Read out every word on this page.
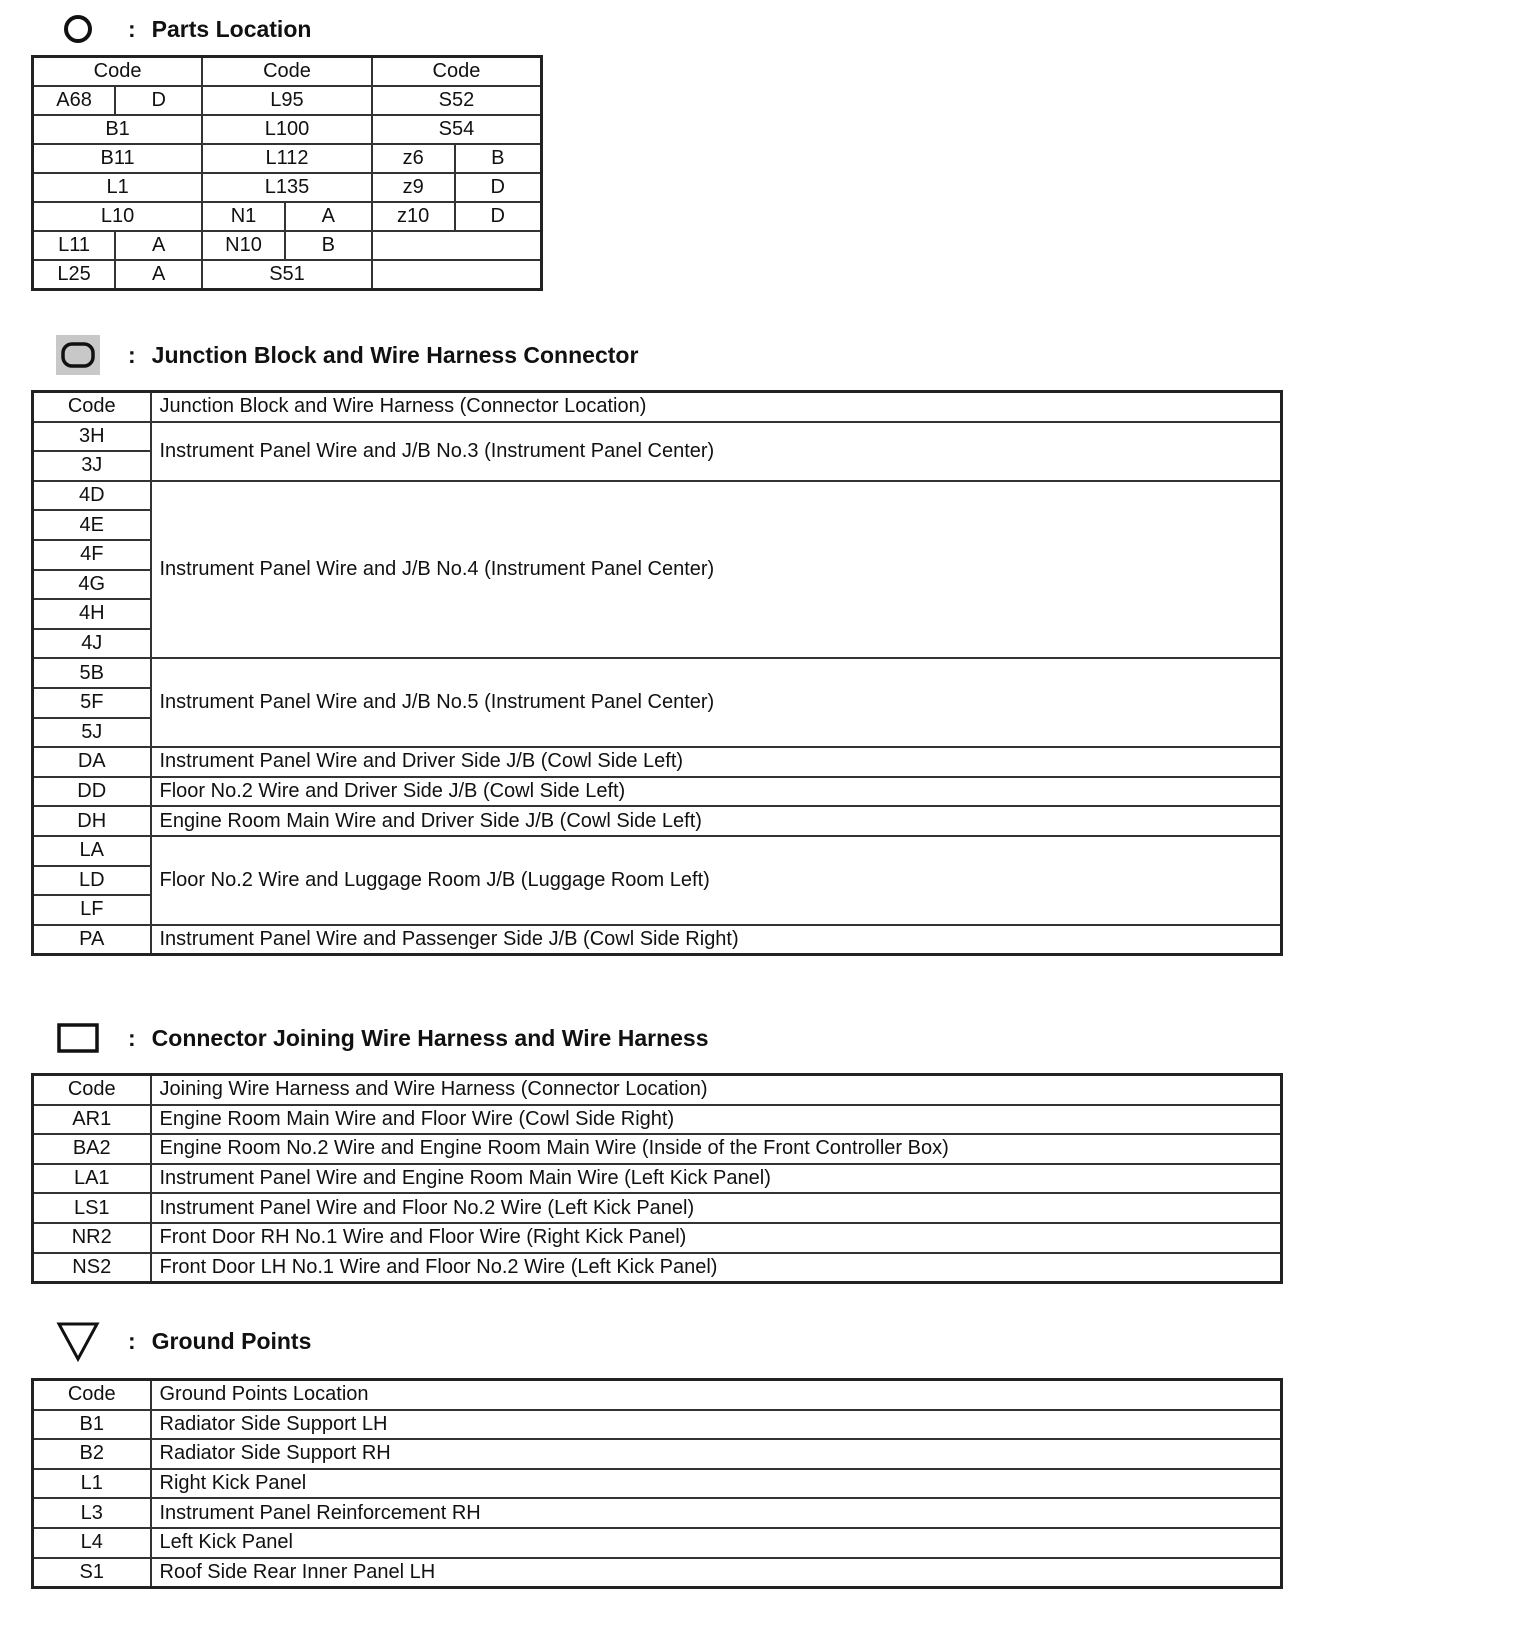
: Parts Location
Code		Code		Code	
A68	D	L95		S52	
B1		L100		S54	
B11		L112		z6	B
L1		L135		z9	D
L10		N1	A	z10	D
L11	A	N10	B		
L25	A	S51			
: Junction Block and Wire Harness Connector
Code	Junction Block and Wire Harness (Connector Location)
3H	Instrument Panel Wire and J/B No.3 (Instrument Panel Center)
3J	
4D	Instrument Panel Wire and J/B No.4 (Instrument Panel Center)
4E	
4F	
4G	
4H	
4J	
5B	Instrument Panel Wire and J/B No.5 (Instrument Panel Center)
5F	
5J	
DA	Instrument Panel Wire and Driver Side J/B (Cowl Side Left)
DD	Floor No.2 Wire and Driver Side J/B (Cowl Side Left)
DH	Engine Room Main Wire and Driver Side J/B (Cowl Side Left)
LA	Floor No.2 Wire and Luggage Room J/B (Luggage Room Left)
LD	
LF	
PA	Instrument Panel Wire and Passenger Side J/B (Cowl Side Right)
: Connector Joining Wire Harness and Wire Harness
Code	Joining Wire Harness and Wire Harness (Connector Location)
AR1	Engine Room Main Wire and Floor Wire (Cowl Side Right)
BA2	Engine Room No.2 Wire and Engine Room Main Wire (Inside of the Front Controller Box)
LA1	Instrument Panel Wire and Engine Room Main Wire (Left Kick Panel)
LS1	Instrument Panel Wire and Floor No.2 Wire (Left Kick Panel)
NR2	Front Door RH No.1 Wire and Floor Wire (Right Kick Panel)
NS2	Front Door LH No.1 Wire and Floor No.2 Wire (Left Kick Panel)
: Ground Points
Code	Ground Points Location
B1	Radiator Side Support LH
B2	Radiator Side Support RH
L1	Right Kick Panel
L3	Instrument Panel Reinforcement RH
L4	Left Kick Panel
S1	Roof Side Rear Inner Panel LH
